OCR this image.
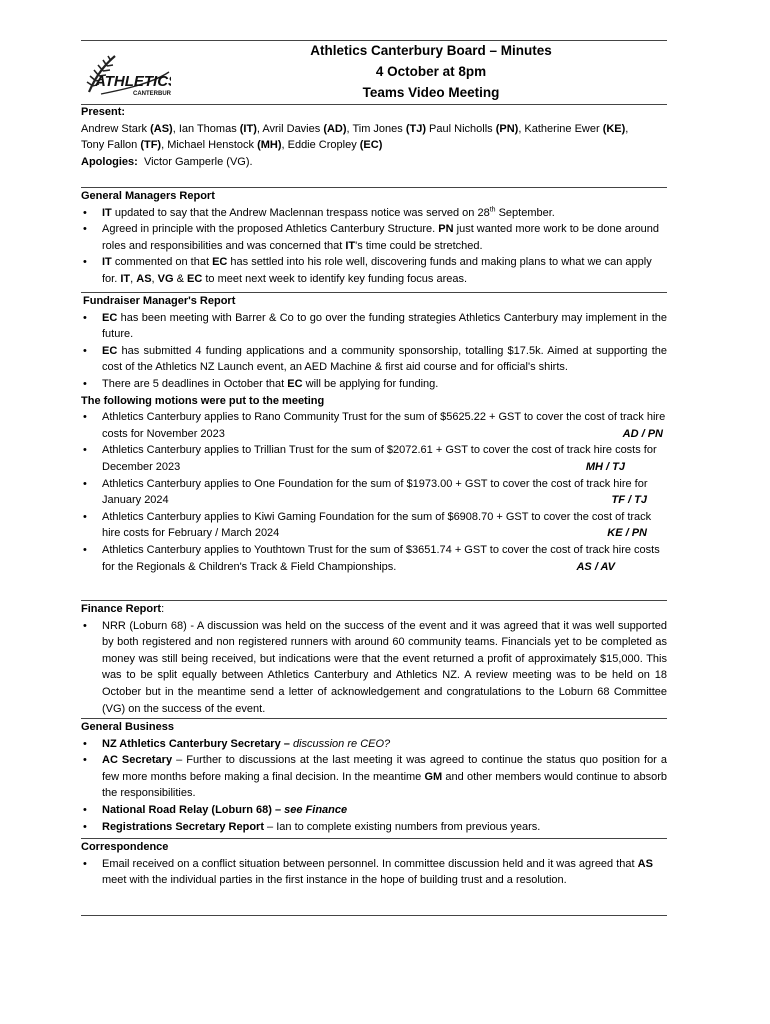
ATHLETICS
CANTERBURY
Athletics Canterbury Board – Minutes
4 October at 8pm
Teams Video Meeting

Present:

Andrew Stark (AS), Ian Thomas (IT), Avril Davies (AD), Tim Jones (TJ) Paul Nicholls (PN), Katherine Ewer (KE),

Tony Fallon (TF), Michael Henstock (MH), Eddie Cropley (EC)

Apologies: Victor Gamperle (VG).

General Managers Report

• IT updated to say that the Andrew Maclennan trespass notice was served on 28th September.
• Agreed in principle with the proposed Athletics Canterbury Structure. PN just wanted more work to be done around roles and responsibilities and was concerned that IT's time could be stretched.
• IT commented on that EC has settled into his role well, discovering funds and making plans to what we can apply for. IT, AS, VG & EC to meet next week to identify key funding focus areas.

Fundraiser Manager's Report

• EC has been meeting with Barrer & Co to go over the funding strategies Athletics Canterbury may implement in the future.
• EC has submitted 4 funding applications and a community sponsorship, totalling $17.5k. Aimed at supporting the cost of the Athletics NZ Launch event, an AED Machine & first aid course and for official's shirts.
• There are 5 deadlines in October that EC will be applying for funding.

The following motions were put to the meeting

• Athletics Canterbury applies to Rano Community Trust for the sum of $5625.22 + GST to cover the cost of track hire costs for November 2023	AD / PN
• Athletics Canterbury applies to Trillian Trust for the sum of $2072.61 + GST to cover the cost of track hire costs for December 2023	MH / TJ
• Athletics Canterbury applies to One Foundation for the sum of $1973.00 + GST to cover the cost of track hire for January 2024	TF / TJ
• Athletics Canterbury applies to Kiwi Gaming Foundation for the sum of $6908.70 + GST to cover the cost of track hire costs for February / March 2024	KE / PN
• Athletics Canterbury applies to Youthtown Trust for the sum of $3651.74 + GST to cover the cost of track hire costs for the Regionals & Children's Track & Field Championships.	AS / AV

Finance Report:

• NRR (Loburn 68) - A discussion was held on the success of the event and it was agreed that it was well supported by both registered and non registered runners with around 60 community teams. Financials yet to be completed as money was still being received, but indications were that the event returned a profit of approximately $15,000. This was to be split equally between Athletics Canterbury and Athletics NZ. A review meeting was to be held on 18 October but in the meantime send a letter of acknowledgement and congratulations to the Loburn 68 Committee (VG) on the success of the event.

General Business

• NZ Athletics Canterbury Secretary – discussion re CEO?
• AC Secretary – Further to discussions at the last meeting it was agreed to continue the status quo position for a few more months before making a final decision. In the meantime GM and other members would continue to absorb the responsibilities.
• National Road Relay (Loburn 68) – see Finance
• Registrations Secretary Report – Ian to complete existing numbers from previous years.

Correspondence

• Email received on a conflict situation between personnel. In committee discussion held and it was agreed that AS meet with the individual parties in the first instance in the hope of building trust and a resolution.
